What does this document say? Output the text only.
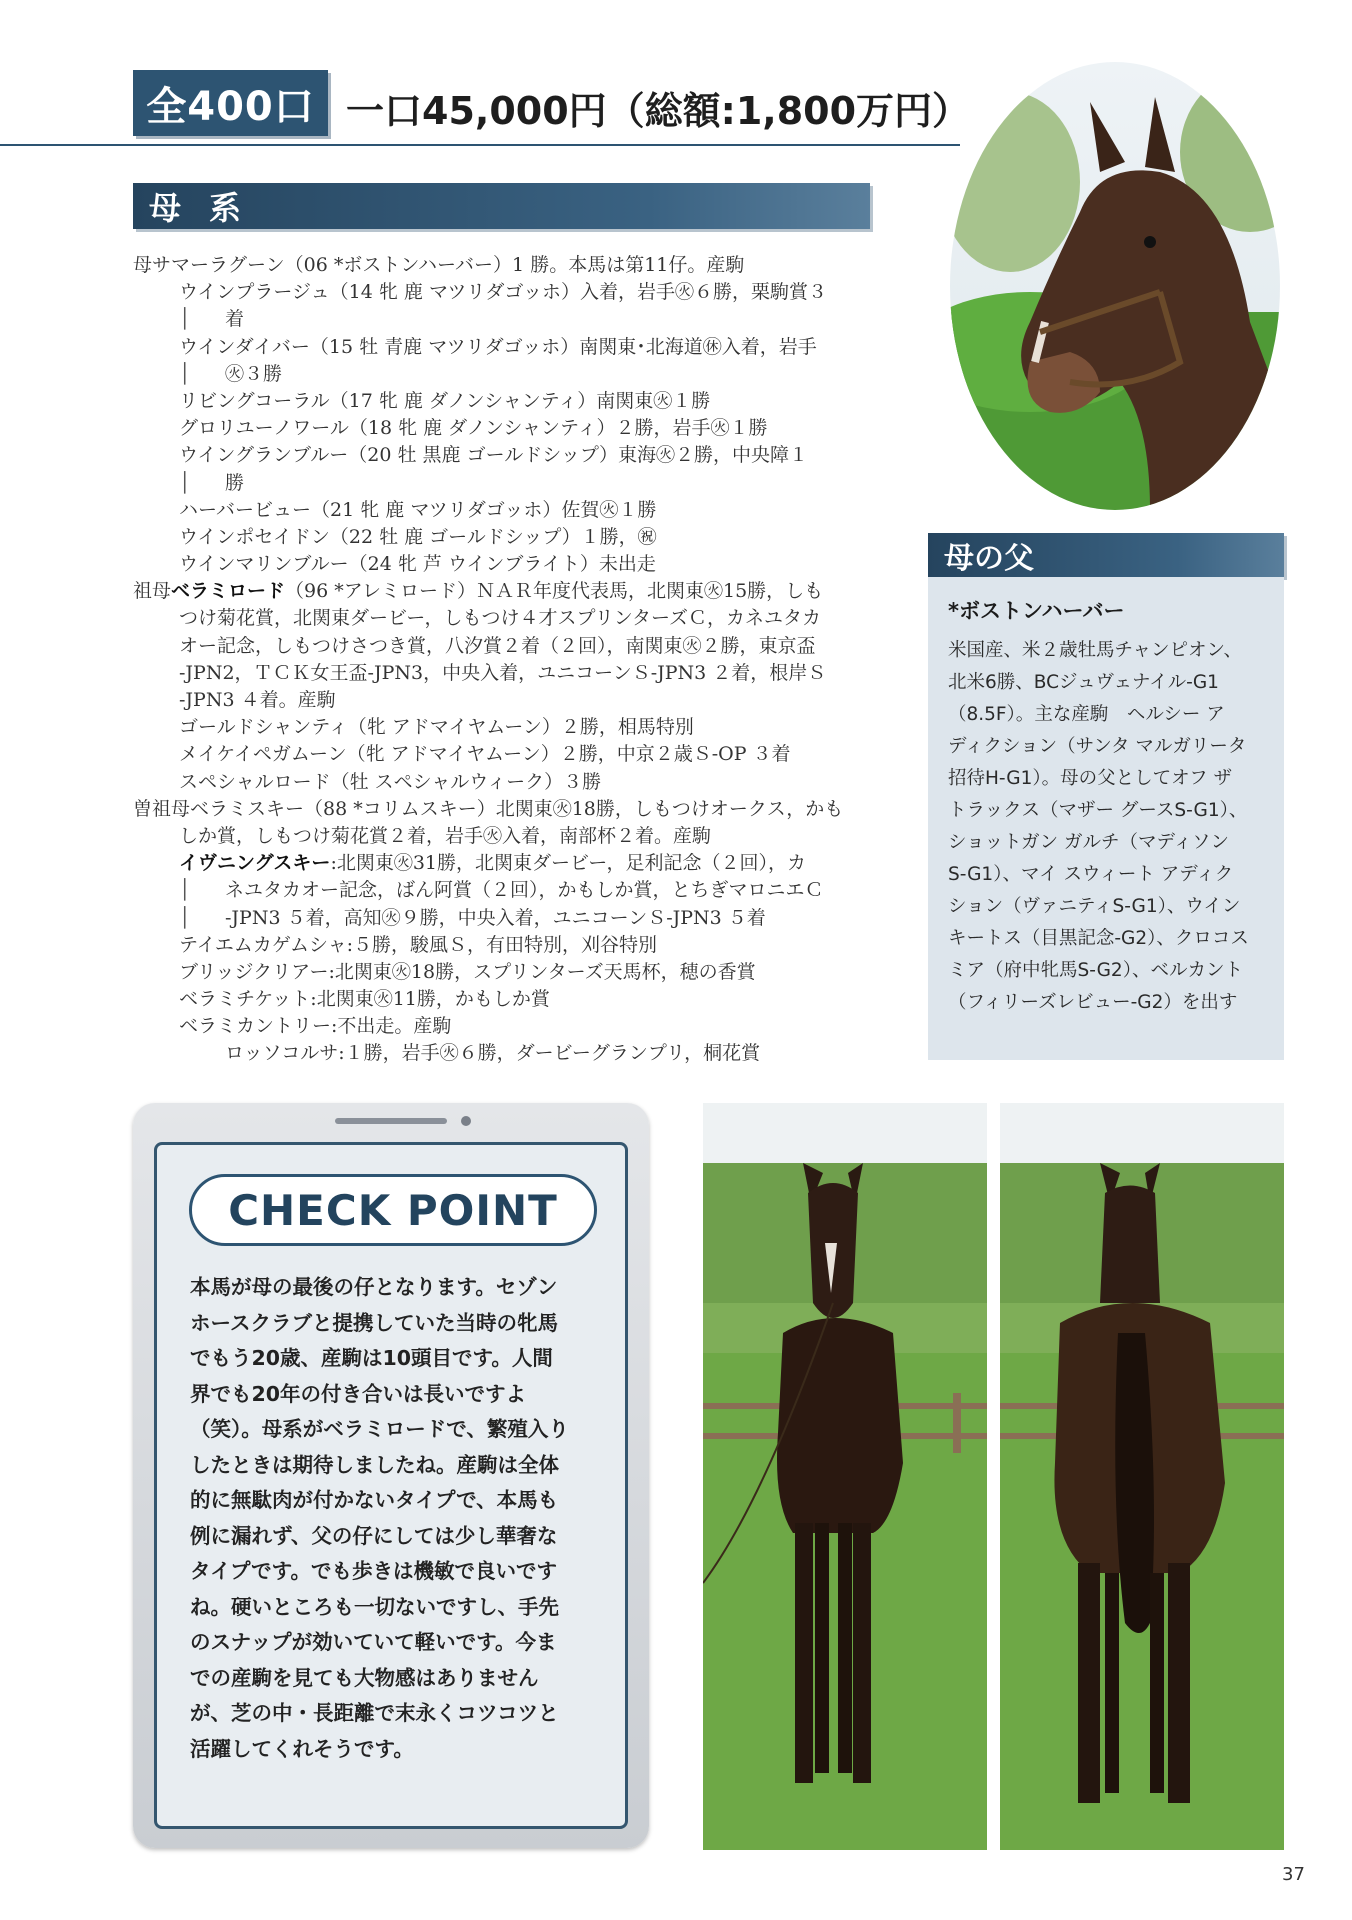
全400口 一口45,000円（総額:1,800万円）
母系
母サマーラグーン（06 *ボストンハーバー）1 勝。本馬は第11仔。産駒
ウインプラージュ（14 牝 鹿 マツリダゴッホ）入着，岩手㊋６勝，栗駒賞３
│ 着
ウインダイバー（15 牡 青鹿 マツリダゴッホ）南関東･北海道㊡入着，岩手
│ ㊋３勝
リビングコーラル（17 牝 鹿 ダノンシャンティ）南関東㊋１勝
グロリユーノワール（18 牝 鹿 ダノンシャンティ）２勝，岩手㊋１勝
ウイングランブルー（20 牡 黒鹿 ゴールドシップ）東海㊋２勝，中央障１
│ 勝
ハーバービュー（21 牝 鹿 マツリダゴッホ）佐賀㊋１勝
ウインポセイドン（22 牡 鹿 ゴールドシップ）１勝，㊗
ウインマリンブルー（24 牝 芦 ウインブライト）未出走
祖母ベラミロード（96 *アレミロード）ＮＡＲ年度代表馬，北関東㊋15勝，しも
つけ菊花賞，北関東ダービー，しもつけ４才スプリンターズＣ，カネユタカ
オー記念，しもつけさつき賞，八汐賞２着（２回），南関東㊋２勝，東京盃
-JPN2，ＴＣＫ女王盃-JPN3，中央入着，ユニコーンＳ-JPN3 ２着，根岸Ｓ
-JPN3 ４着。産駒
ゴールドシャンティ（牝 アドマイヤムーン）２勝，相馬特別
メイケイペガムーン（牝 アドマイヤムーン）２勝，中京２歳Ｓ-OP ３着
スペシャルロード（牡 スペシャルウィーク）３勝
曽祖母ベラミスキー（88 *コリムスキー）北関東㊋18勝，しもつけオークス，かも
しか賞，しもつけ菊花賞２着，岩手㊋入着，南部杯２着。産駒
イヴニングスキー:北関東㊋31勝，北関東ダービー，足利記念（２回），カ
│ ネユタカオー記念，ばん阿賞（２回），かもしか賞，とちぎマロニエＣ
│ -JPN3 ５着，高知㊋９勝，中央入着，ユニコーンＳ-JPN3 ５着
テイエムカゲムシャ:５勝，駿風Ｓ，有田特別，刈谷特別
ブリッジクリアー:北関東㊋18勝，スプリンターズ天馬杯，穂の香賞
ベラミチケット:北関東㊋11勝，かもしか賞
ベラミカントリー:不出走。産駒
ロッソコルサ:１勝，岩手㊋６勝，ダービーグランプリ，桐花賞
母の父
*ボストンハーバー
米国産、米２歳牡馬チャンピオン、
北米6勝、BCジュヴェナイル-G1
（8.5F）。主な産駒　ヘルシー ア
ディクション（サンタ マルガリータ
招待H-G1）。母の父としてオフ ザ
トラックス（マザー グースS-G1）、
ショットガン ガルチ（マディソン
S-G1）、マイ スウィート アディク
ション（ヴァニティS-G1）、ウイン
キートス（目黒記念-G2）、クロコス
ミア（府中牝馬S-G2）、ベルカント
（フィリーズレビュー-G2）を出す
CHECK POINT
本馬が母の最後の仔となります。セゾン
ホースクラブと提携していた当時の牝馬
でもう20歳、産駒は10頭目です。人間
界でも20年の付き合いは長いですよ
（笑）。母系がベラミロードで、繁殖入り
したときは期待しましたね。産駒は全体
的に無駄肉が付かないタイプで、本馬も
例に漏れず、父の仔にしては少し華奢な
タイプです。でも歩きは機敏で良いです
ね。硬いところも一切ないですし、手先
のスナップが効いていて軽いです。今ま
での産駒を見ても大物感はありません
が、芝の中・長距離で末永くコツコツと
活躍してくれそうです。
37
